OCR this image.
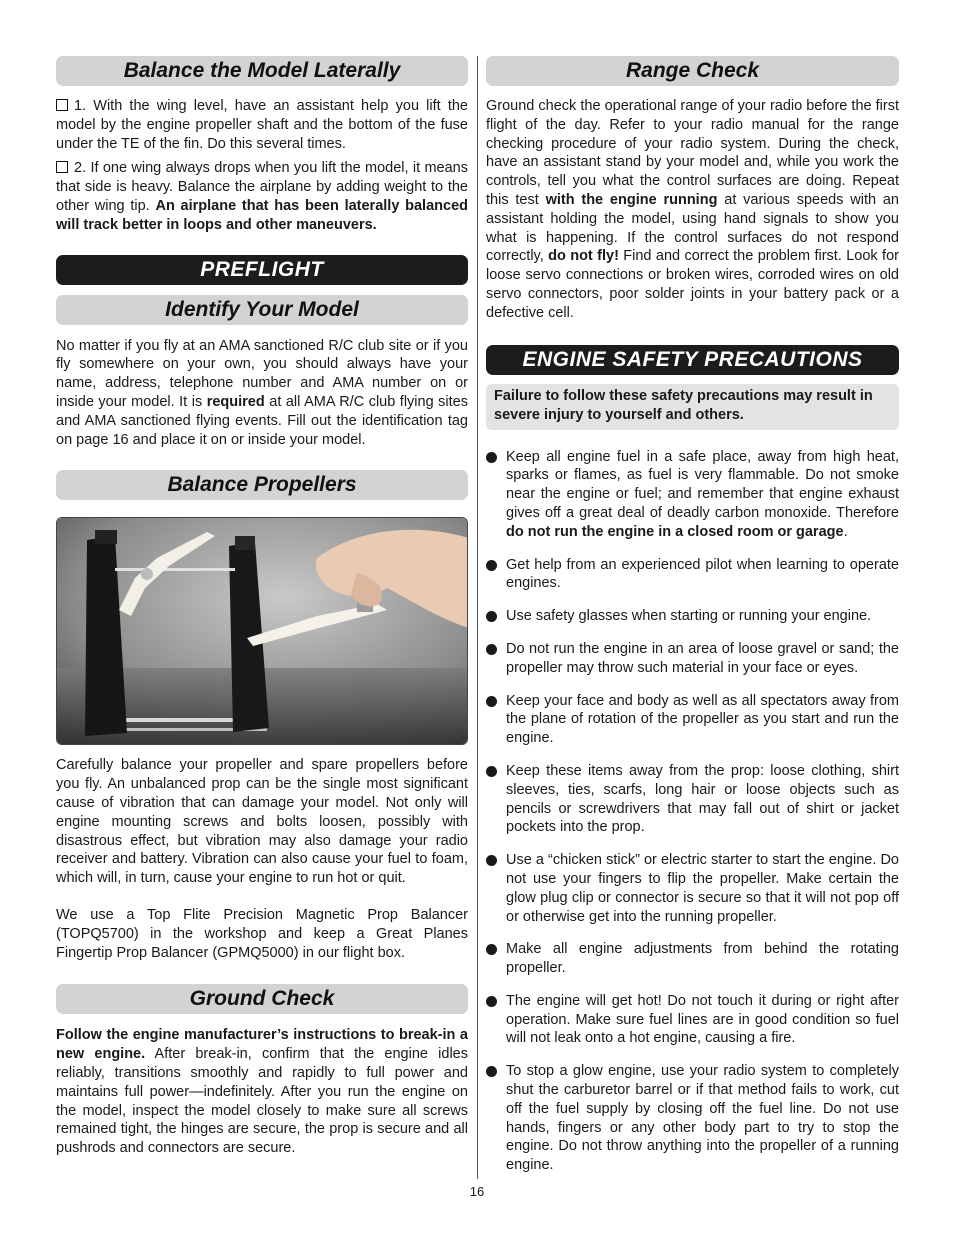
Balance the Model Laterally

1. With the wing level, have an assistant help you lift the model by the engine propeller shaft and the bottom of the fuse under the TE of the fin. Do this several times.

2. If one wing always drops when you lift the model, it means that side is heavy. Balance the airplane by adding weight to the other wing tip. An airplane that has been laterally balanced will track better in loops and other maneuvers.

PREFLIGHT
Identify Your Model

No matter if you fly at an AMA sanctioned R/C club site or if you fly somewhere on your own, you should always have your name, address, telephone number and AMA number on or inside your model. It is required at all AMA R/C club flying sites and AMA sanctioned flying events. Fill out the identification tag on page 16 and place it on or inside your model.

Balance Propellers

Carefully balance your propeller and spare propellers before you fly. An unbalanced prop can be the single most significant cause of vibration that can damage your model. Not only will engine mounting screws and bolts loosen, possibly with disastrous effect, but vibration may also damage your radio receiver and battery. Vibration can also cause your fuel to foam, which will, in turn, cause your engine to run hot or quit.

We use a Top Flite Precision Magnetic Prop Balancer (TOPQ5700) in the workshop and keep a Great Planes Fingertip Prop Balancer (GPMQ5000) in our flight box.

Ground Check

Follow the engine manufacturer’s instructions to break-in a new engine. After break-in, confirm that the engine idles reliably, transitions smoothly and rapidly to full power and maintains full power—indefinitely. After you run the engine on the model, inspect the model closely to make sure all screws remained tight, the hinges are secure, the prop is secure and all pushrods and connectors are secure.

Range Check

Ground check the operational range of your radio before the first flight of the day. Refer to your radio manual for the range checking procedure of your radio system. During the check, have an assistant stand by your model and, while you work the controls, tell you what the control surfaces are doing. Repeat this test with the engine running at various speeds with an assistant holding the model, using hand signals to show you what is happening. If the control surfaces do not respond correctly, do not fly! Find and correct the problem first. Look for loose servo connections or broken wires, corroded wires on old servo connectors, poor solder joints in your battery pack or a defective cell.

ENGINE SAFETY PRECAUTIONS
Failure to follow these safety precautions may result in severe injury to yourself and others.
Keep all engine fuel in a safe place, away from high heat, sparks or flames, as fuel is very flammable. Do not smoke near the engine or fuel; and remember that engine exhaust gives off a great deal of deadly carbon monoxide. Therefore do not run the engine in a closed room or garage.
Get help from an experienced pilot when learning to operate engines.
Use safety glasses when starting or running your engine.
Do not run the engine in an area of loose gravel or sand; the propeller may throw such material in your face or eyes.
Keep your face and body as well as all spectators away from the plane of rotation of the propeller as you start and run the engine.
Keep these items away from the prop: loose clothing, shirt sleeves, ties, scarfs, long hair or loose objects such as pencils or screwdrivers that may fall out of shirt or jacket pockets into the prop.
Use a “chicken stick” or electric starter to start the engine. Do not use your fingers to flip the propeller. Make certain the glow plug clip or connector is secure so that it will not pop off or otherwise get into the running propeller.
Make all engine adjustments from behind the rotating propeller.
The engine will get hot! Do not touch it during or right after operation. Make sure fuel lines are in good condition so fuel will not leak onto a hot engine, causing a fire.
To stop a glow engine, use your radio system to completely shut the carburetor barrel or if that method fails to work, cut off the fuel supply by closing off the fuel line. Do not use hands, fingers or any other body part to try to stop the engine. Do not throw anything into the propeller of a running engine.
16
